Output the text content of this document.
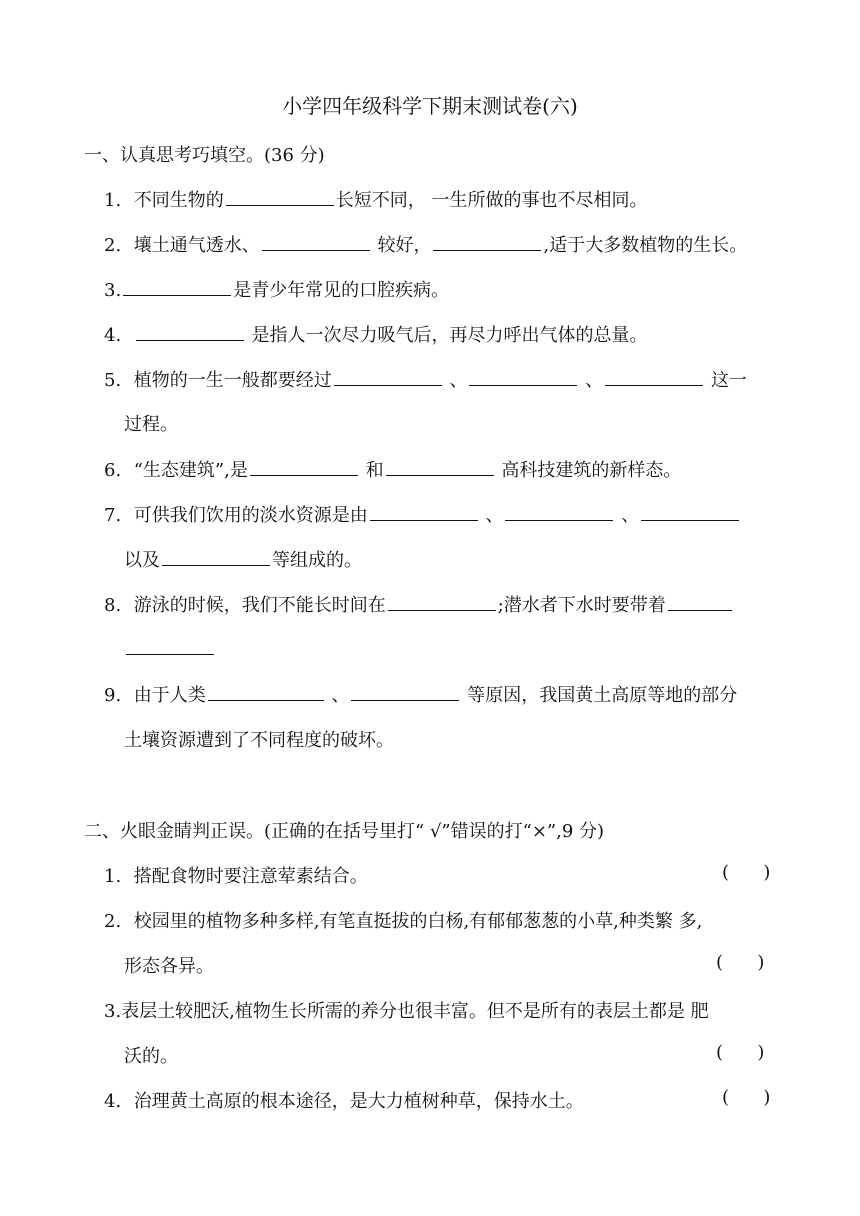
小学四年级科学下期末测试卷(六)
一、认真思考巧填空。(36 分)
1. 不同生物的	长短不同， 一生所做的事也不尽相同。
2. 壤土通气透水、	较好，	,适于大多数植物的生长。
3.	是青少年常见的口腔疾病。
4.	是指人一次尽力吸气后，再尽力呼出气体的总量。
5. 植物的一生一般都要经过	、	、	这一
过程。
6. “生态建筑”,是	和	高科技建筑的新样态。
7. 可供我们饮用的淡水资源是由	、	、
以及	等组成的。
8. 游泳的时候，我们不能长时间在	;潜水者下水时要带着
9. 由于人类	、	等原因，我国黄土高原等地的部分
土壤资源遭到了不同程度的破坏。
二、火眼金睛判正误。(正确的在括号里打“ √”错误的打“×”,9 分)
1. 搭配食物时要注意荤素结合。	(      )
2. 校园里的植物多种多样,有笔直挺拔的白杨,有郁郁葱葱的小草,种类繁 多,
形态各异。	(      )
3.表层土较肥沃,植物生长所需的养分也很丰富。但不是所有的表层土都是 肥
沃的。	(      )
4. 治理黄土高原的根本途径，是大力植树种草，保持水土。	(      )
